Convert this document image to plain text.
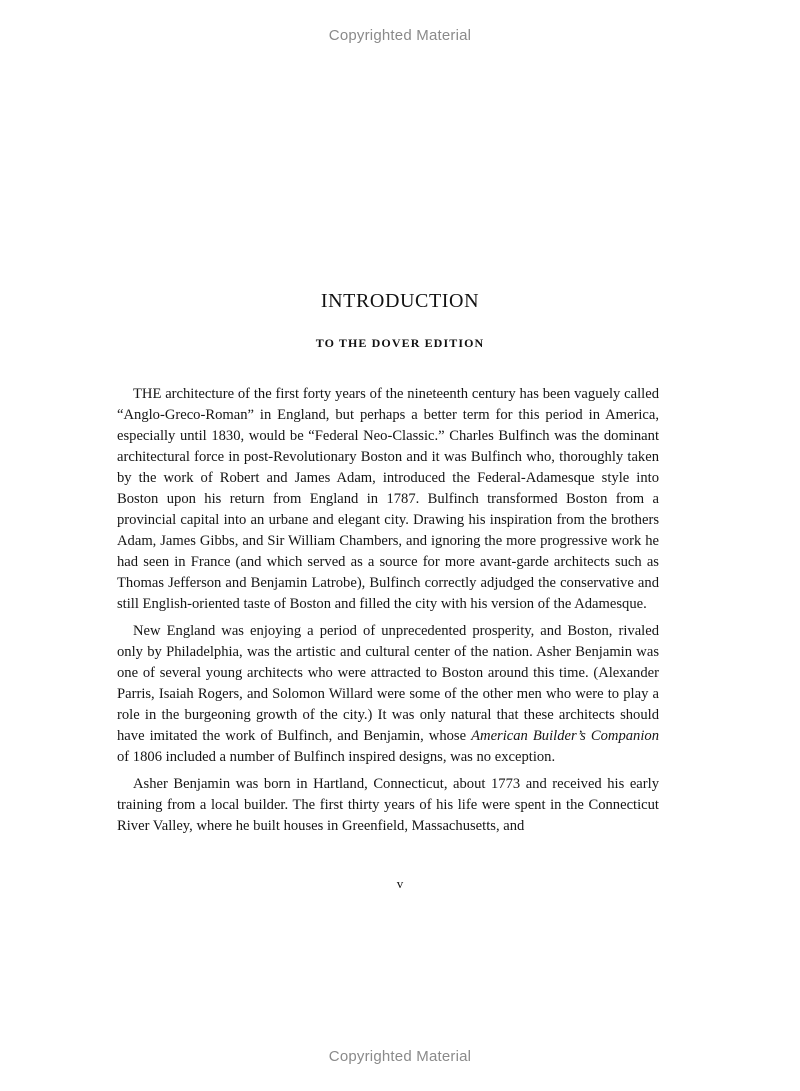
Copyrighted Material
INTRODUCTION
TO THE DOVER EDITION

THE architecture of the first forty years of the nineteenth century has been vaguely called “Anglo-Greco-Roman” in England, but perhaps a better term for this period in America, especially until 1830, would be “Federal Neo-Classic.” Charles Bulfinch was the dominant architectural force in post-Revolutionary Boston and it was Bulfinch who, thoroughly taken by the work of Robert and James Adam, introduced the Federal-Adamesque style into Boston upon his return from England in 1787. Bulfinch transformed Boston from a provincial capital into an urbane and elegant city. Drawing his inspiration from the brothers Adam, James Gibbs, and Sir William Chambers, and ignoring the more progressive work he had seen in France (and which served as a source for more avant-garde architects such as Thomas Jefferson and Benjamin Latrobe), Bulfinch correctly adjudged the conservative and still English-oriented taste of Boston and filled the city with his version of the Adamesque.

New England was enjoying a period of unprecedented prosperity, and Boston, rivaled only by Philadelphia, was the artistic and cultural center of the nation. Asher Benjamin was one of several young architects who were attracted to Boston around this time. (Alexander Parris, Isaiah Rogers, and Solomon Willard were some of the other men who were to play a role in the burgeoning growth of the city.) It was only natural that these architects should have imitated the work of Bulfinch, and Benjamin, whose American Builder’s Companion of 1806 included a number of Bulfinch inspired designs, was no exception.

Asher Benjamin was born in Hartland, Connecticut, about 1773 and received his early training from a local builder. The first thirty years of his life were spent in the Connecticut River Valley, where he built houses in Greenfield, Massachusetts, and

v
Copyrighted Material
